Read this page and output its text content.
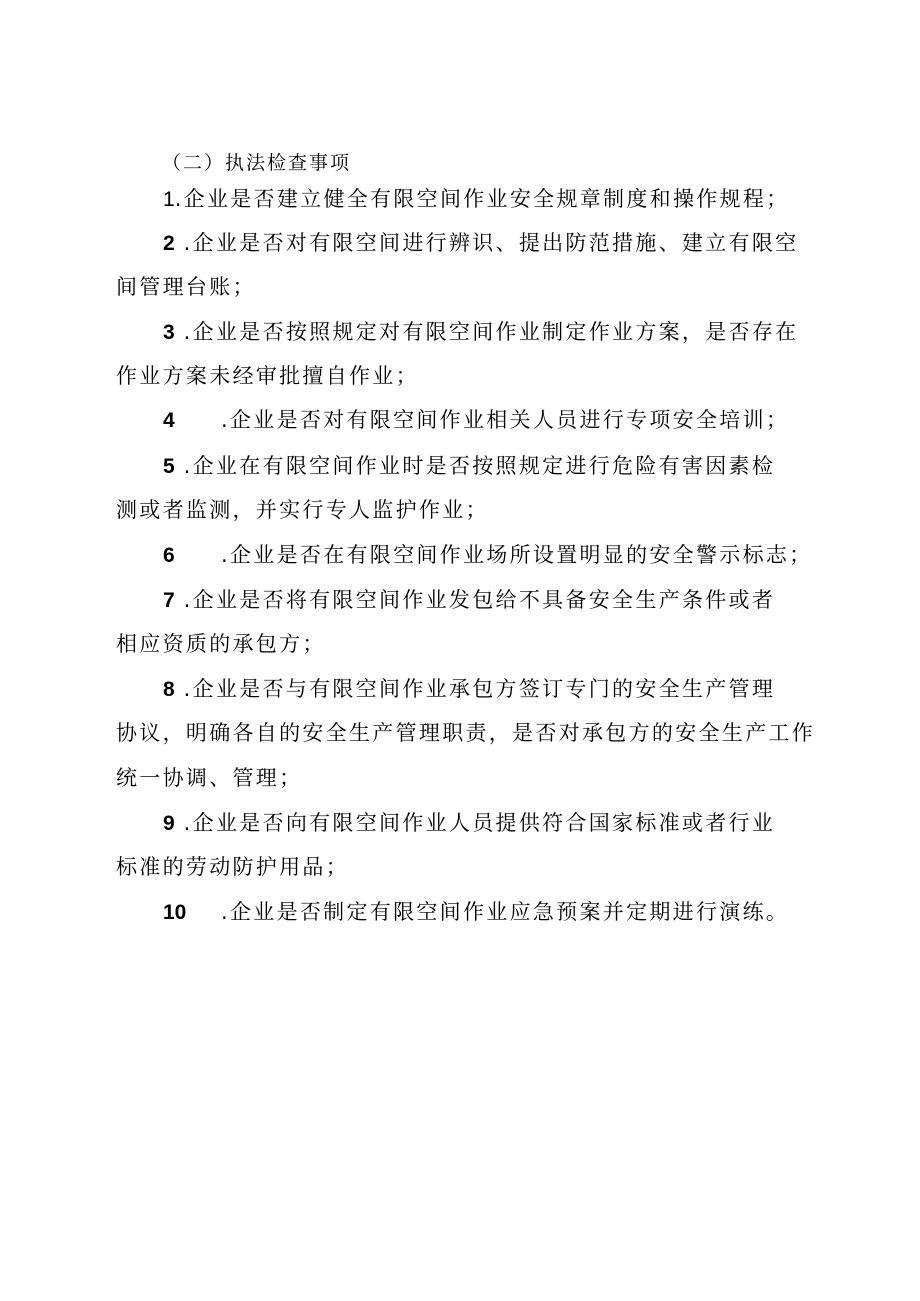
（二）执法检查事项
1.企业是否建立健全有限空间作业安全规章制度和操作规程；
2 .企业是否对有限空间进行辨识、提出防范措施、建立有限空
间管理台账；
3 .企业是否按照规定对有限空间作业制定作业方案，是否存在
作业方案未经审批擅自作业；
4 .企业是否对有限空间作业相关人员进行专项安全培训；
5 .企业在有限空间作业时是否按照规定进行危险有害因素检
测或者监测，并实行专人监护作业；
6 .企业是否在有限空间作业场所设置明显的安全警示标志；
7 .企业是否将有限空间作业发包给不具备安全生产条件或者
相应资质的承包方；
8 .企业是否与有限空间作业承包方签订专门的安全生产管理
协议，明确各自的安全生产管理职责，是否对承包方的安全生产工作
统一协调、管理；
9 .企业是否向有限空间作业人员提供符合国家标准或者行业
标准的劳动防护用品；
10 .企业是否制定有限空间作业应急预案并定期进行演练。
